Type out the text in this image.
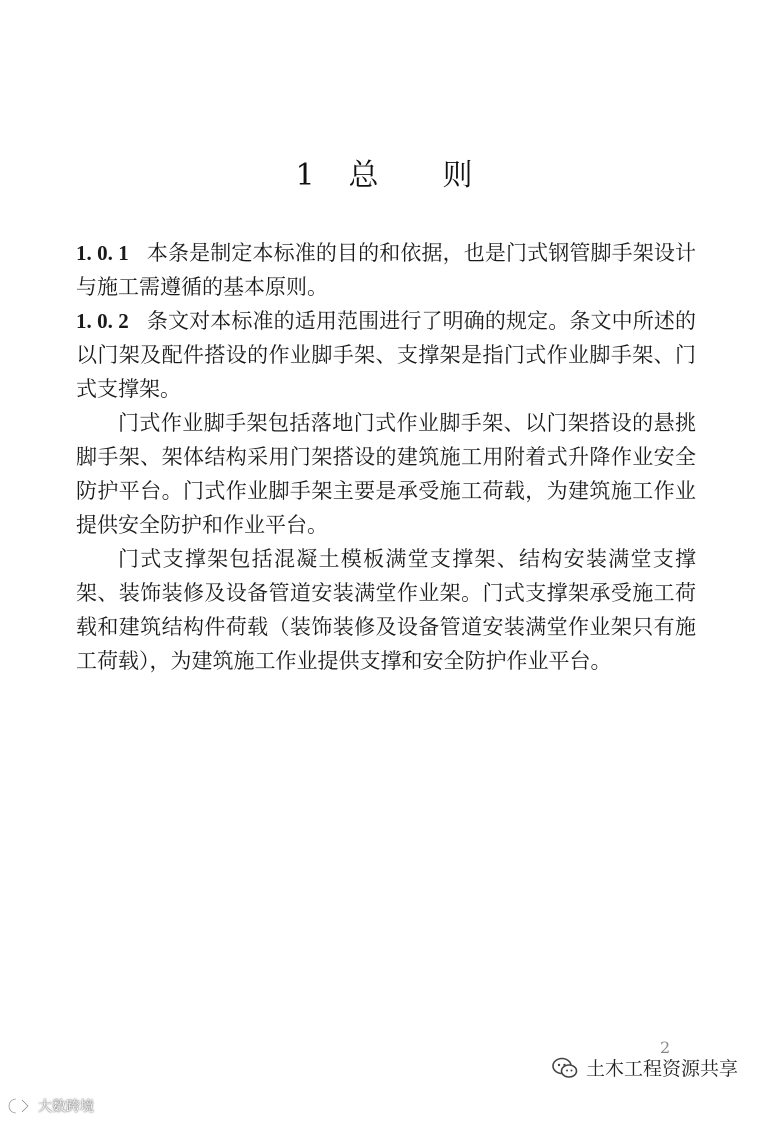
1 总 则

1. 0. 1 本条是制定本标准的目的和依据，也是门式钢管脚手架设计与施工需遵循的基本原则。

1. 0. 2 条文对本标准的适用范围进行了明确的规定。条文中所述的以门架及配件搭设的作业脚手架、支撑架是指门式作业脚手架、门式支撑架。

门式作业脚手架包括落地门式作业脚手架、以门架搭设的悬挑脚手架、架体结构采用门架搭设的建筑施工用附着式升降作业安全防护平台。门式作业脚手架主要是承受施工荷载，为建筑施工作业提供安全防护和作业平台。

门式支撑架包括混凝土模板满堂支撑架、结构安装满堂支撑架、装饰装修及设备管道安装满堂作业架。门式支撑架承受施工荷载和建筑结构件荷载（装饰装修及设备管道安装满堂作业架只有施工荷载），为建筑施工作业提供支撑和安全防护作业平台。

2
土木工程资源共享
大数跨境
